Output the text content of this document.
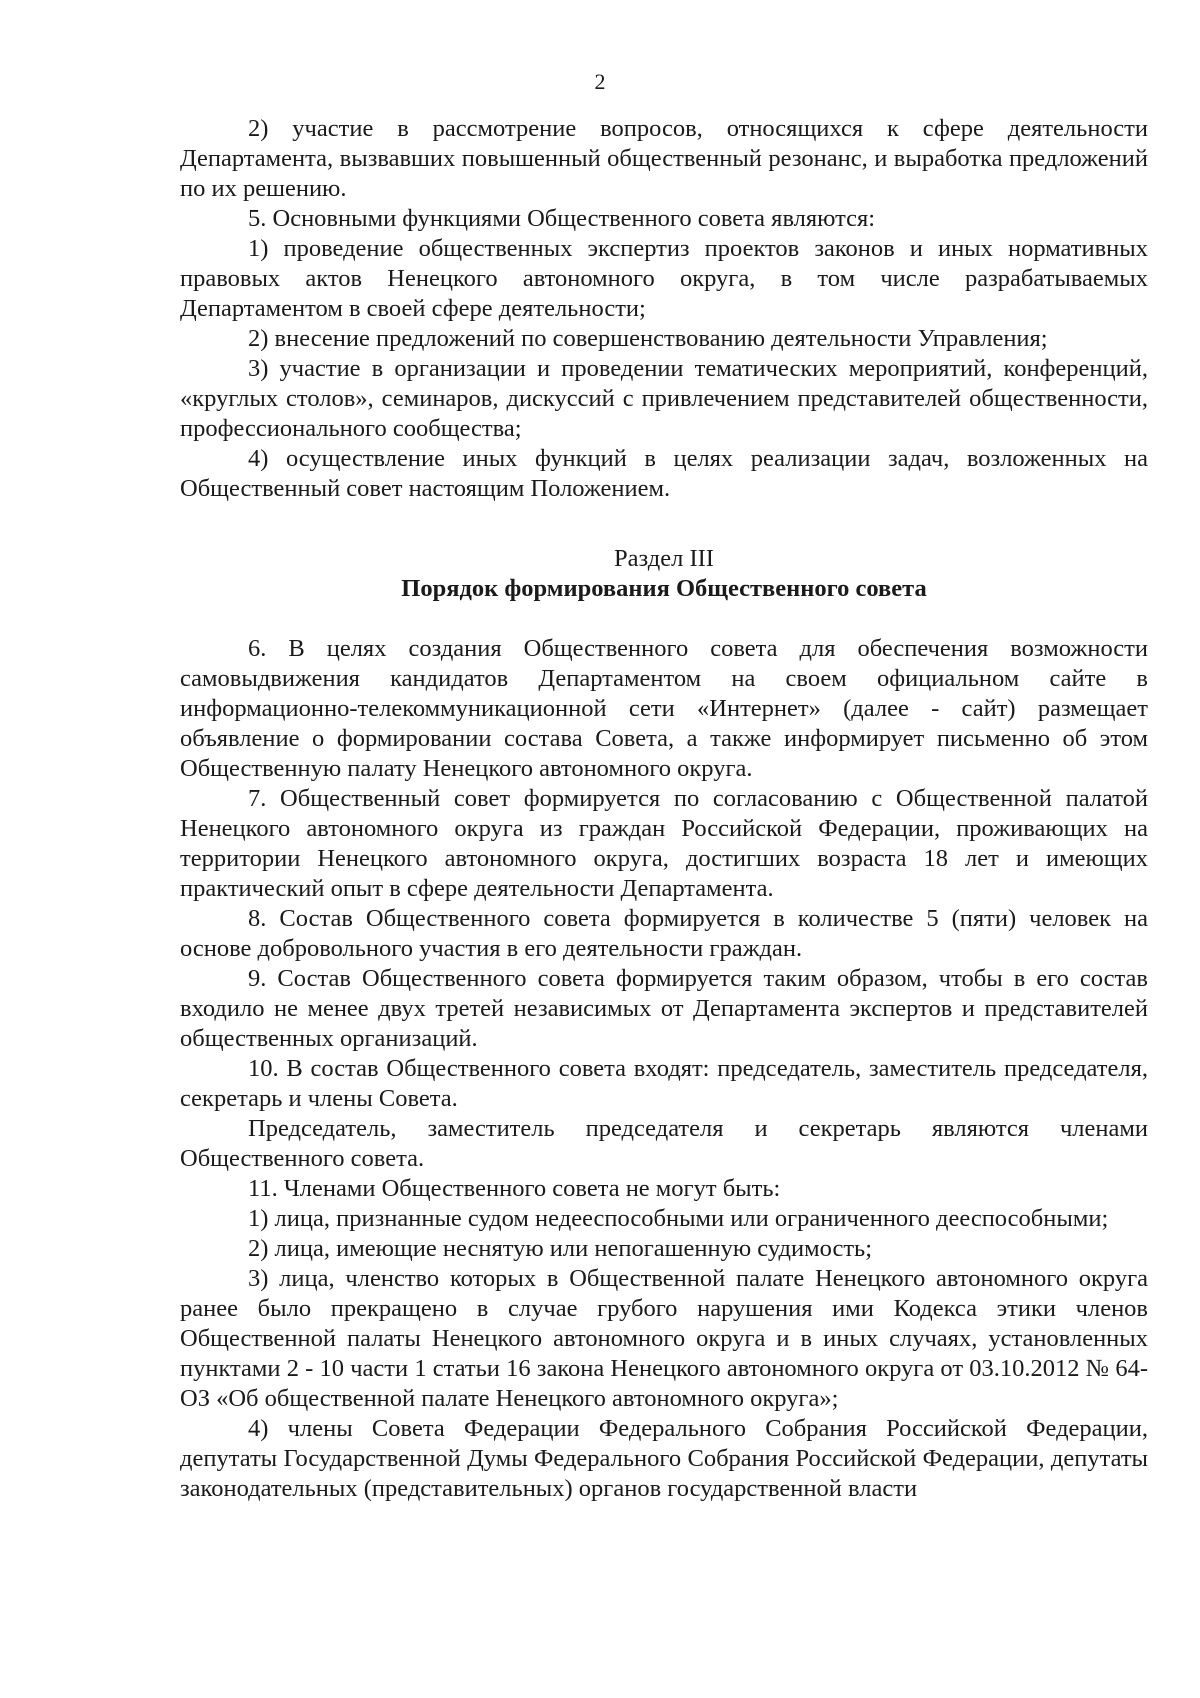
2

2) участие в рассмотрение вопросов, относящихся к сфере деятельности Департамента, вызвавших повышенный общественный резонанс, и выработка предложений по их решению.

5. Основными функциями Общественного совета являются:

1) проведение общественных экспертиз проектов законов и иных нормативных правовых актов Ненецкого автономного округа, в том числе разрабатываемых Департаментом в своей сфере деятельности;

2) внесение предложений по совершенствованию деятельности Управления;

3) участие в организации и проведении тематических мероприятий, конференций, «круглых столов», семинаров, дискуссий с привлечением представителей общественности, профессионального сообщества;

4) осуществление иных функций в целях реализации задач, возложенных на Общественный совет настоящим Положением.

Раздел III

Порядок формирования Общественного совета

6. В целях создания Общественного совета для обеспечения возможности самовыдвижения кандидатов Департаментом на своем официальном сайте в информационно-телекоммуникационной сети «Интернет» (далее - сайт) размещает объявление о формировании состава Совета, а также информирует письменно об этом Общественную палату Ненецкого автономного округа.

7. Общественный совет формируется по согласованию с Общественной палатой Ненецкого автономного округа из граждан Российской Федерации, проживающих на территории Ненецкого автономного округа, достигших возраста 18 лет и имеющих практический опыт в сфере деятельности Департамента.

8. Состав Общественного совета формируется в количестве 5 (пяти) человек на основе добровольного участия в его деятельности граждан.

9. Состав Общественного совета формируется таким образом, чтобы в его состав входило не менее двух третей независимых от Департамента экспертов и представителей общественных организаций.

10. В состав Общественного совета входят: председатель, заместитель председателя, секретарь и члены Совета.

Председатель, заместитель председателя и секретарь являются членами Общественного совета.

11. Членами Общественного совета не могут быть:

1) лица, признанные судом недееспособными или ограниченного дееспособными;

2) лица, имеющие неснятую или непогашенную судимость;

3) лица, членство которых в Общественной палате Ненецкого автономного округа ранее было прекращено в случае грубого нарушения ими Кодекса этики членов Общественной палаты Ненецкого автономного округа и в иных случаях, установленных пунктами 2 - 10 части 1 статьи 16 закона Ненецкого автономного округа от 03.10.2012 № 64-ОЗ «Об общественной палате Ненецкого автономного округа»;

4) члены Совета Федерации Федерального Собрания Российской Федерации, депутаты Государственной Думы Федерального Собрания Российской Федерации, депутаты законодательных (представительных) органов государственной власти
